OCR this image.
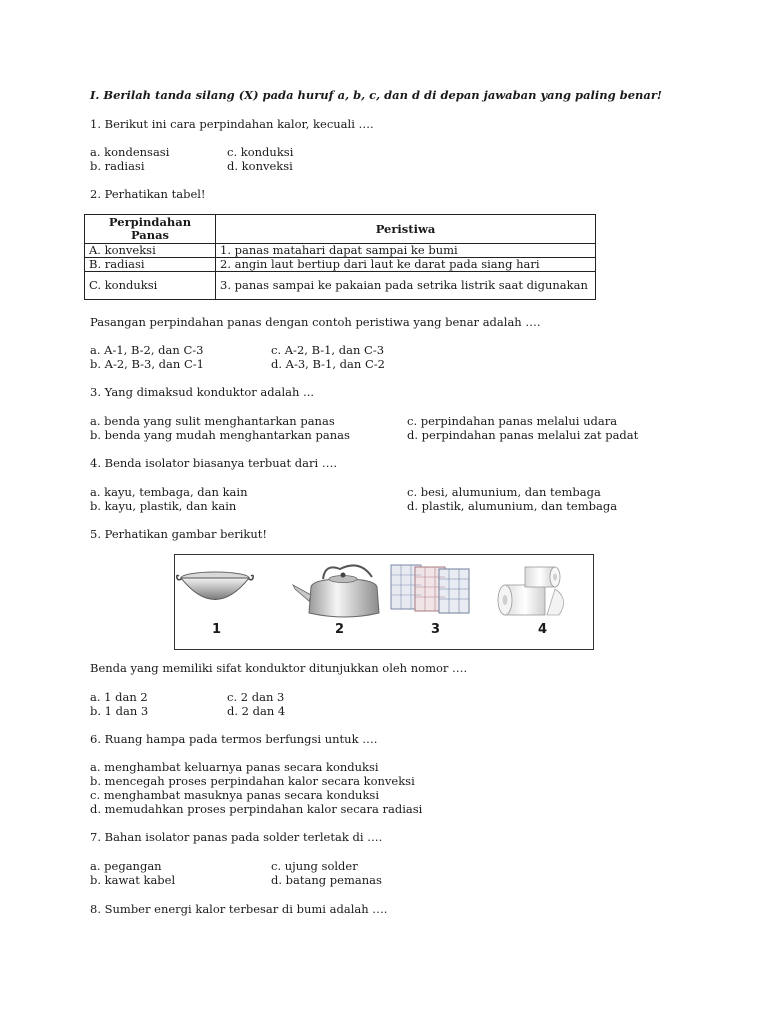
I. Berilah tanda silang (X) pada huruf a, b, c, dan d di depan jawaban yang paling benar!
1. Berikut ini cara perpindahan kalor, kecuali ….
a. kondensasi
b. radiasi
c. konduksi
d. konveksi
2. Perhatikan tabel!
Perpindahan Panas	Peristiwa
A. konveksi	1. panas matahari dapat sampai ke bumi
B. radiasi	2. angin laut bertiup dari laut ke darat pada siang hari
C. konduksi	3. panas sampai ke pakaian pada setrika listrik saat digunakan
Pasangan perpindahan panas dengan contoh peristiwa yang benar adalah ….
a. A-1, B-2, dan C-3
b. A-2, B-3, dan C-1
c. A-2, B-1, dan C-3
d. A-3, B-1, dan C-2
3. Yang dimaksud konduktor adalah ...
a. benda yang sulit menghantarkan panas
b. benda yang mudah menghantarkan panas
c. perpindahan panas melalui udara
d. perpindahan panas melalui zat padat
4. Benda isolator biasanya terbuat dari ….
a. kayu, tembaga, dan kain
b. kayu, plastik, dan kain
c. besi, alumunium, dan tembaga
d. plastik, alumunium, dan tembaga
5. Perhatikan gambar berikut!
1	2	3	4
Benda yang memiliki sifat konduktor ditunjukkan oleh nomor ….
a. 1 dan 2
b. 1 dan 3
c. 2 dan 3
d. 2 dan 4
6. Ruang hampa pada termos berfungsi untuk ….
a. menghambat keluarnya panas secara konduksi
b. mencegah proses perpindahan kalor secara konveksi
c. menghambat masuknya panas secara konduksi
d. memudahkan proses perpindahan kalor secara radiasi
7. Bahan isolator panas pada solder terletak di ….
a. pegangan
b. kawat kabel
c. ujung solder
d. batang pemanas
8. Sumber energi kalor terbesar di bumi adalah ….
